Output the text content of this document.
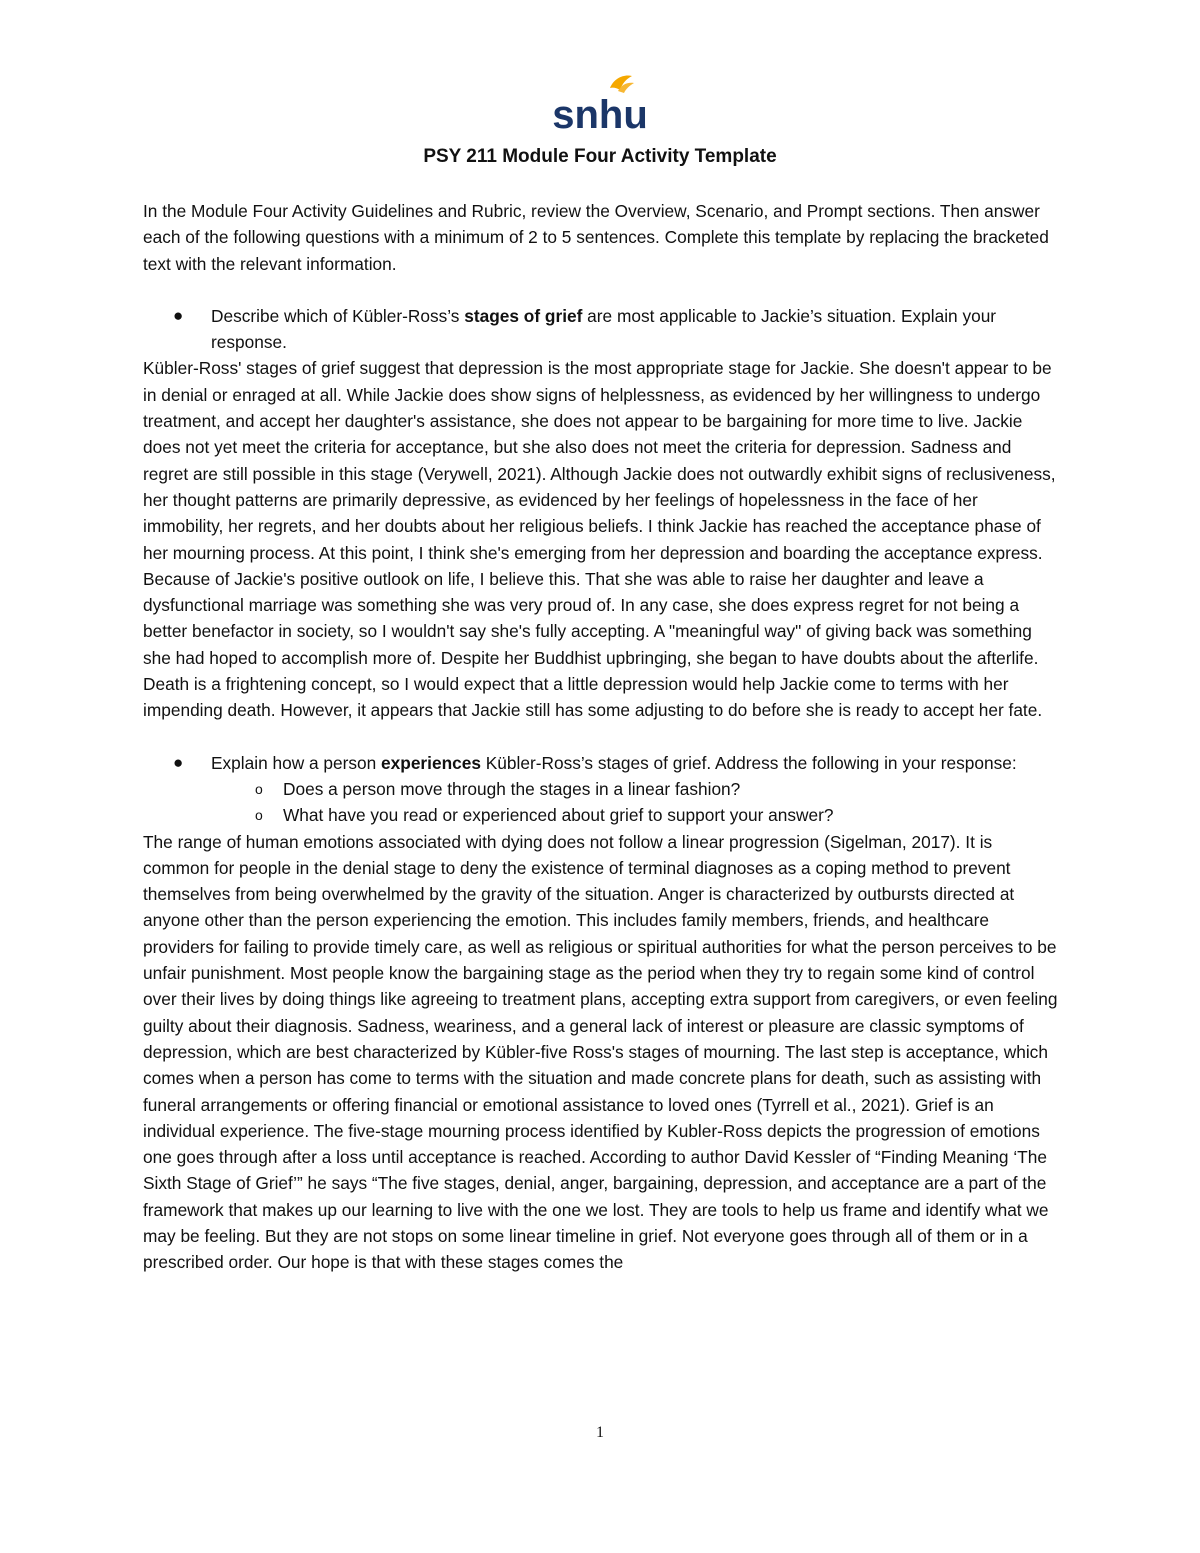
snhu
PSY 211 Module Four Activity Template

In the Module Four Activity Guidelines and Rubric, review the Overview, Scenario, and Prompt sections. Then answer each of the following questions with a minimum of 2 to 5 sentences. Complete this template by replacing the bracketed text with the relevant information.

● Describe which of Kübler-Ross’s stages of grief are most applicable to Jackie’s situation. Explain your response.

Kübler-Ross' stages of grief suggest that depression is the most appropriate stage for Jackie. She doesn't appear to be in denial or enraged at all. While Jackie does show signs of helplessness, as evidenced by her willingness to undergo treatment, and accept her daughter's assistance, she does not appear to be bargaining for more time to live. Jackie does not yet meet the criteria for acceptance, but she also does not meet the criteria for depression. Sadness and regret are still possible in this stage (Verywell, 2021). Although Jackie does not outwardly exhibit signs of reclusiveness, her thought patterns are primarily depressive, as evidenced by her feelings of hopelessness in the face of her immobility, her regrets, and her doubts about her religious beliefs. I think Jackie has reached the acceptance phase of her mourning process. At this point, I think she's emerging from her depression and boarding the acceptance express. Because of Jackie's positive outlook on life, I believe this. That she was able to raise her daughter and leave a dysfunctional marriage was something she was very proud of. In any case, she does express regret for not being a better benefactor in society, so I wouldn't say she's fully accepting. A "meaningful way" of giving back was something she had hoped to accomplish more of. Despite her Buddhist upbringing, she began to have doubts about the afterlife. Death is a frightening concept, so I would expect that a little depression would help Jackie come to terms with her impending death. However, it appears that Jackie still has some adjusting to do before she is ready to accept her fate.

● Explain how a person experiences Kübler-Ross’s stages of grief. Address the following in your response:

o Does a person move through the stages in a linear fashion?

o What have you read or experienced about grief to support your answer?

The range of human emotions associated with dying does not follow a linear progression (Sigelman, 2017). It is common for people in the denial stage to deny the existence of terminal diagnoses as a coping method to prevent themselves from being overwhelmed by the gravity of the situation. Anger is characterized by outbursts directed at anyone other than the person experiencing the emotion. This includes family members, friends, and healthcare providers for failing to provide timely care, as well as religious or spiritual authorities for what the person perceives to be unfair punishment. Most people know the bargaining stage as the period when they try to regain some kind of control over their lives by doing things like agreeing to treatment plans, accepting extra support from caregivers, or even feeling guilty about their diagnosis. Sadness, weariness, and a general lack of interest or pleasure are classic symptoms of depression, which are best characterized by Kübler-five Ross's stages of mourning. The last step is acceptance, which comes when a person has come to terms with the situation and made concrete plans for death, such as assisting with funeral arrangements or offering financial or emotional assistance to loved ones (Tyrrell et al., 2021). Grief is an individual experience. The five-stage mourning process identified by Kubler-Ross depicts the progression of emotions one goes through after a loss until acceptance is reached. According to author David Kessler of “Finding Meaning ‘The Sixth Stage of Grief’” he says “The five stages, denial, anger, bargaining, depression, and acceptance are a part of the framework that makes up our learning to live with the one we lost. They are tools to help us frame and identify what we may be feeling. But they are not stops on some linear timeline in grief. Not everyone goes through all of them or in a prescribed order. Our hope is that with these stages comes the

1
